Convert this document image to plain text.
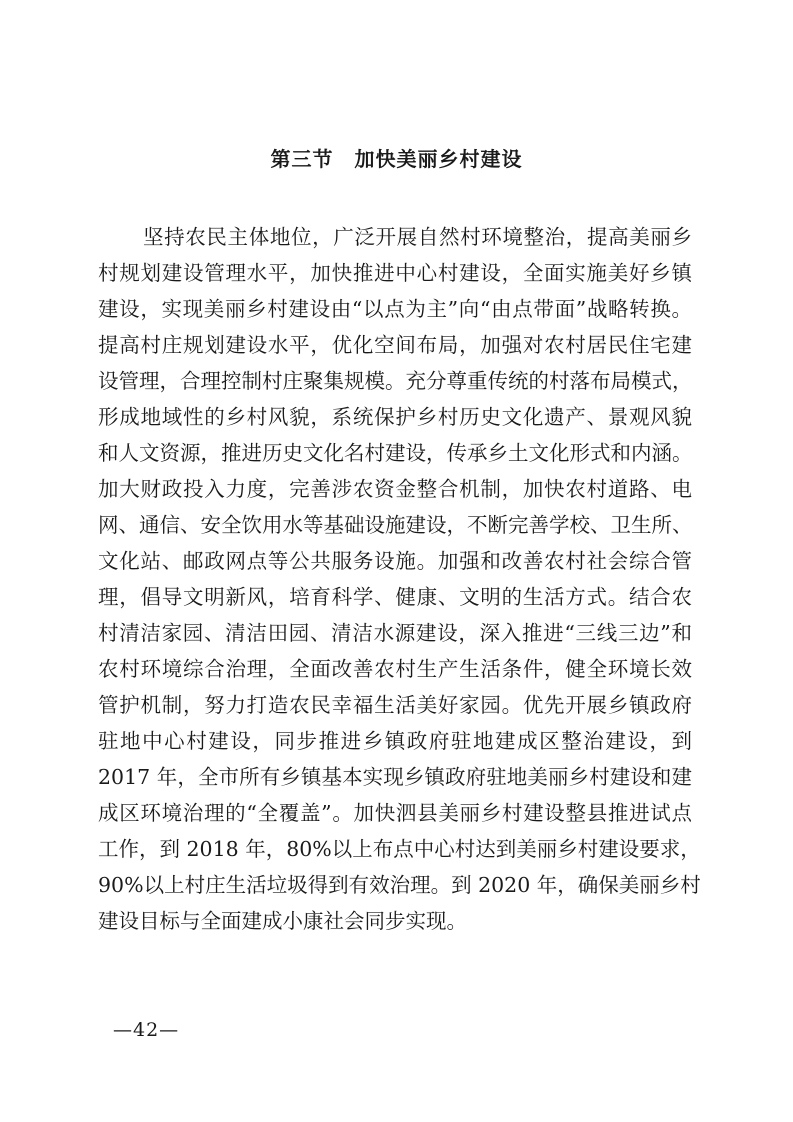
第三节　加快美丽乡村建设
坚持农民主体地位，广泛开展自然村环境整治，提高美丽乡
村规划建设管理水平，加快推进中心村建设，全面实施美好乡镇
建设，实现美丽乡村建设由“以点为主”向“由点带面”战略转换。
提高村庄规划建设水平，优化空间布局，加强对农村居民住宅建
设管理，合理控制村庄聚集规模。充分尊重传统的村落布局模式，
形成地域性的乡村风貌，系统保护乡村历史文化遗产、景观风貌
和人文资源，推进历史文化名村建设，传承乡土文化形式和内涵。
加大财政投入力度，完善涉农资金整合机制，加快农村道路、电
网、通信、安全饮用水等基础设施建设，不断完善学校、卫生所、
文化站、邮政网点等公共服务设施。加强和改善农村社会综合管
理，倡导文明新风，培育科学、健康、文明的生活方式。结合农
村清洁家园、清洁田园、清洁水源建设，深入推进“三线三边”和
农村环境综合治理，全面改善农村生产生活条件，健全环境长效
管护机制，努力打造农民幸福生活美好家园。优先开展乡镇政府
驻地中心村建设，同步推进乡镇政府驻地建成区整治建设，到
2017 年，全市所有乡镇基本实现乡镇政府驻地美丽乡村建设和建
成区环境治理的“全覆盖”。加快泗县美丽乡村建设整县推进试点
工作，到 2018 年，80%以上布点中心村达到美丽乡村建设要求，
90%以上村庄生活垃圾得到有效治理。到 2020 年，确保美丽乡村
建设目标与全面建成小康社会同步实现。
—42—
